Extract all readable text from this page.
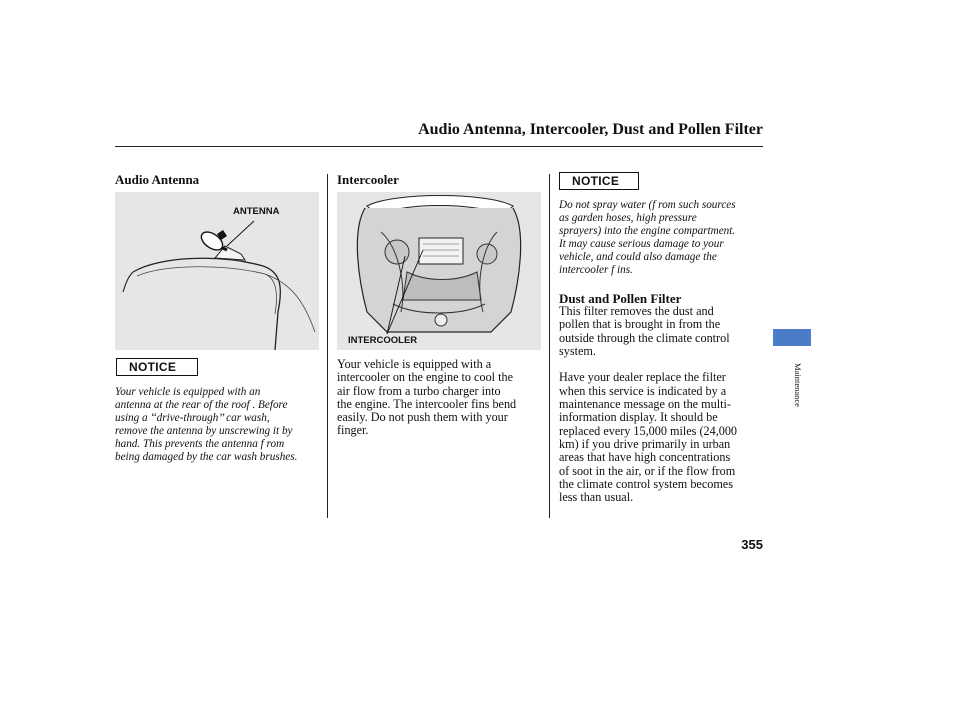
Audio Antenna, Intercooler, Dust and Pollen Filter
Audio Antenna
ANTENNA
NOTICE
Your vehicle is equipped with an
antenna at the rear of the roof . Before
using a ‘‘drive-through’’ car wash,
remove the antenna by unscrewing it by
hand. This prevents the antenna f rom
being damaged by the car wash brushes.
Intercooler
INTERCOOLER

Your vehicle is equipped with a

intercooler on the engine to cool the

air flow from a turbo charger into

the engine. The intercooler fins bend

easily. Do not push them with your

finger.

NOTICE
Do not spray water (f rom such sources
as garden hoses, high pressure
sprayers) into the engine compartment.
It may cause serious damage to your
vehicle, and could also damage the
intercooler f ins.
Dust and Pollen Filter

This filter removes the dust and

pollen that is brought in from the

outside through the climate control

system.

Have your dealer replace the filter

when this service is indicated by a

maintenance message on the multi-

information display. It should be

replaced every 15,000 miles (24,000

km) if you drive primarily in urban

areas that have high concentrations

of soot in the air, or if the flow from

the climate control system becomes

less than usual.

Maintenance
355
